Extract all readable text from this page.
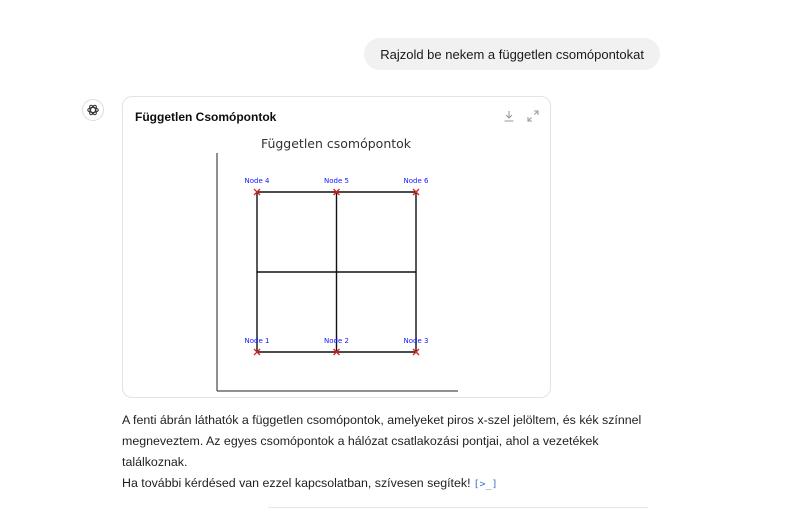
Rajzold be nekem a független csomópontokat
Független Csomópontok
Független csomópontok
Node 1	Node 2	Node 3
Node 4	Node 5	Node 6

A fenti ábrán láthatók a független csomópontok, amelyeket piros x-szel jelöltem, és kék színnel

megneveztem. Az egyes csomópontok a hálózat csatlakozási pontjai, ahol a vezetékek találkoznak.

Ha további kérdésed van ezzel kapcsolatban, szívesen segítek! [>_]
